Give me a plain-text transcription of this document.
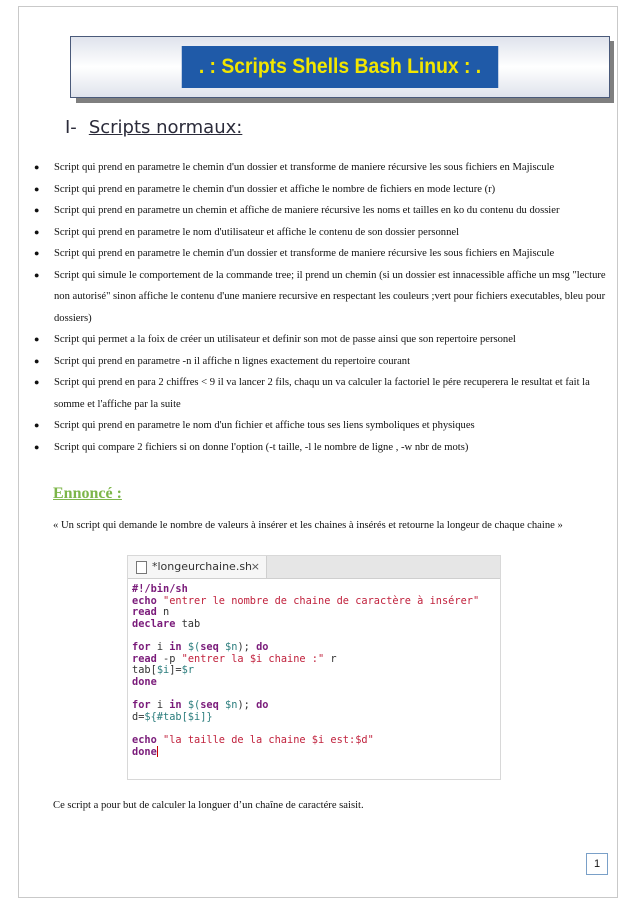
. : Scripts Shells Bash Linux : .
I- Scripts normaux:
● Script qui prend en parametre le chemin d'un dossier et transforme de maniere récursive les sous fichiers en Majiscule
● Script qui prend en parametre le chemin d'un dossier et affiche le nombre de fichiers en mode lecture (r)
● Script qui prend en parametre un chemin et affiche de maniere récursive les noms et tailles en ko du contenu du dossier
● Script qui prend en parametre le nom d'utilisateur et affiche le contenu de son dossier personnel
● Script qui prend en parametre le chemin d'un dossier et transforme de maniere récursive les sous fichiers en Majiscule
● Script qui simule le comportement de la commande tree; il prend un chemin (si un dossier est innacessible affiche un msg "lecture non autorisé" sinon affiche le contenu d'une maniere recursive en respectant les couleurs ;vert pour fichiers executables, bleu pour dossiers)
● Script qui permet a la foix de créer un utilisateur et definir son mot de passe ainsi que son repertoire personel
● Script qui prend en parametre -n il affiche n lignes exactement du repertoire courant
● Script qui prend en para 2 chiffres < 9 il va lancer 2 fils, chaqu un va calculer la factoriel le pére recuperera le resultat et fait la somme et l'affiche par la suite
● Script qui prend en parametre le nom d'un fichier et affiche tous ses liens symboliques et physiques
● Script qui compare 2 fichiers si on donne l'option (-t taille, -l le nombre de ligne , -w nbr de mots)
Ennoncé :
« Un script qui demande le nombre de valeurs à insérer et les chaines à insérés et retourne la longeur de chaque chaine »
*longeurchaine.sh
×
#!/bin/sh
echo "entrer le nombre de chaine de caractère à insérer"
read n
declare tab

for i in $(seq $n); do
read -p "entrer la $i chaine :" r
tab[$i]=$r
done

for i in $(seq $n); do
d=${#tab[$i]}

echo "la taille de la chaine $i est:$d"
done
Ce script a pour but de calculer la longuer d’un chaîne de caractére saisit.
1
